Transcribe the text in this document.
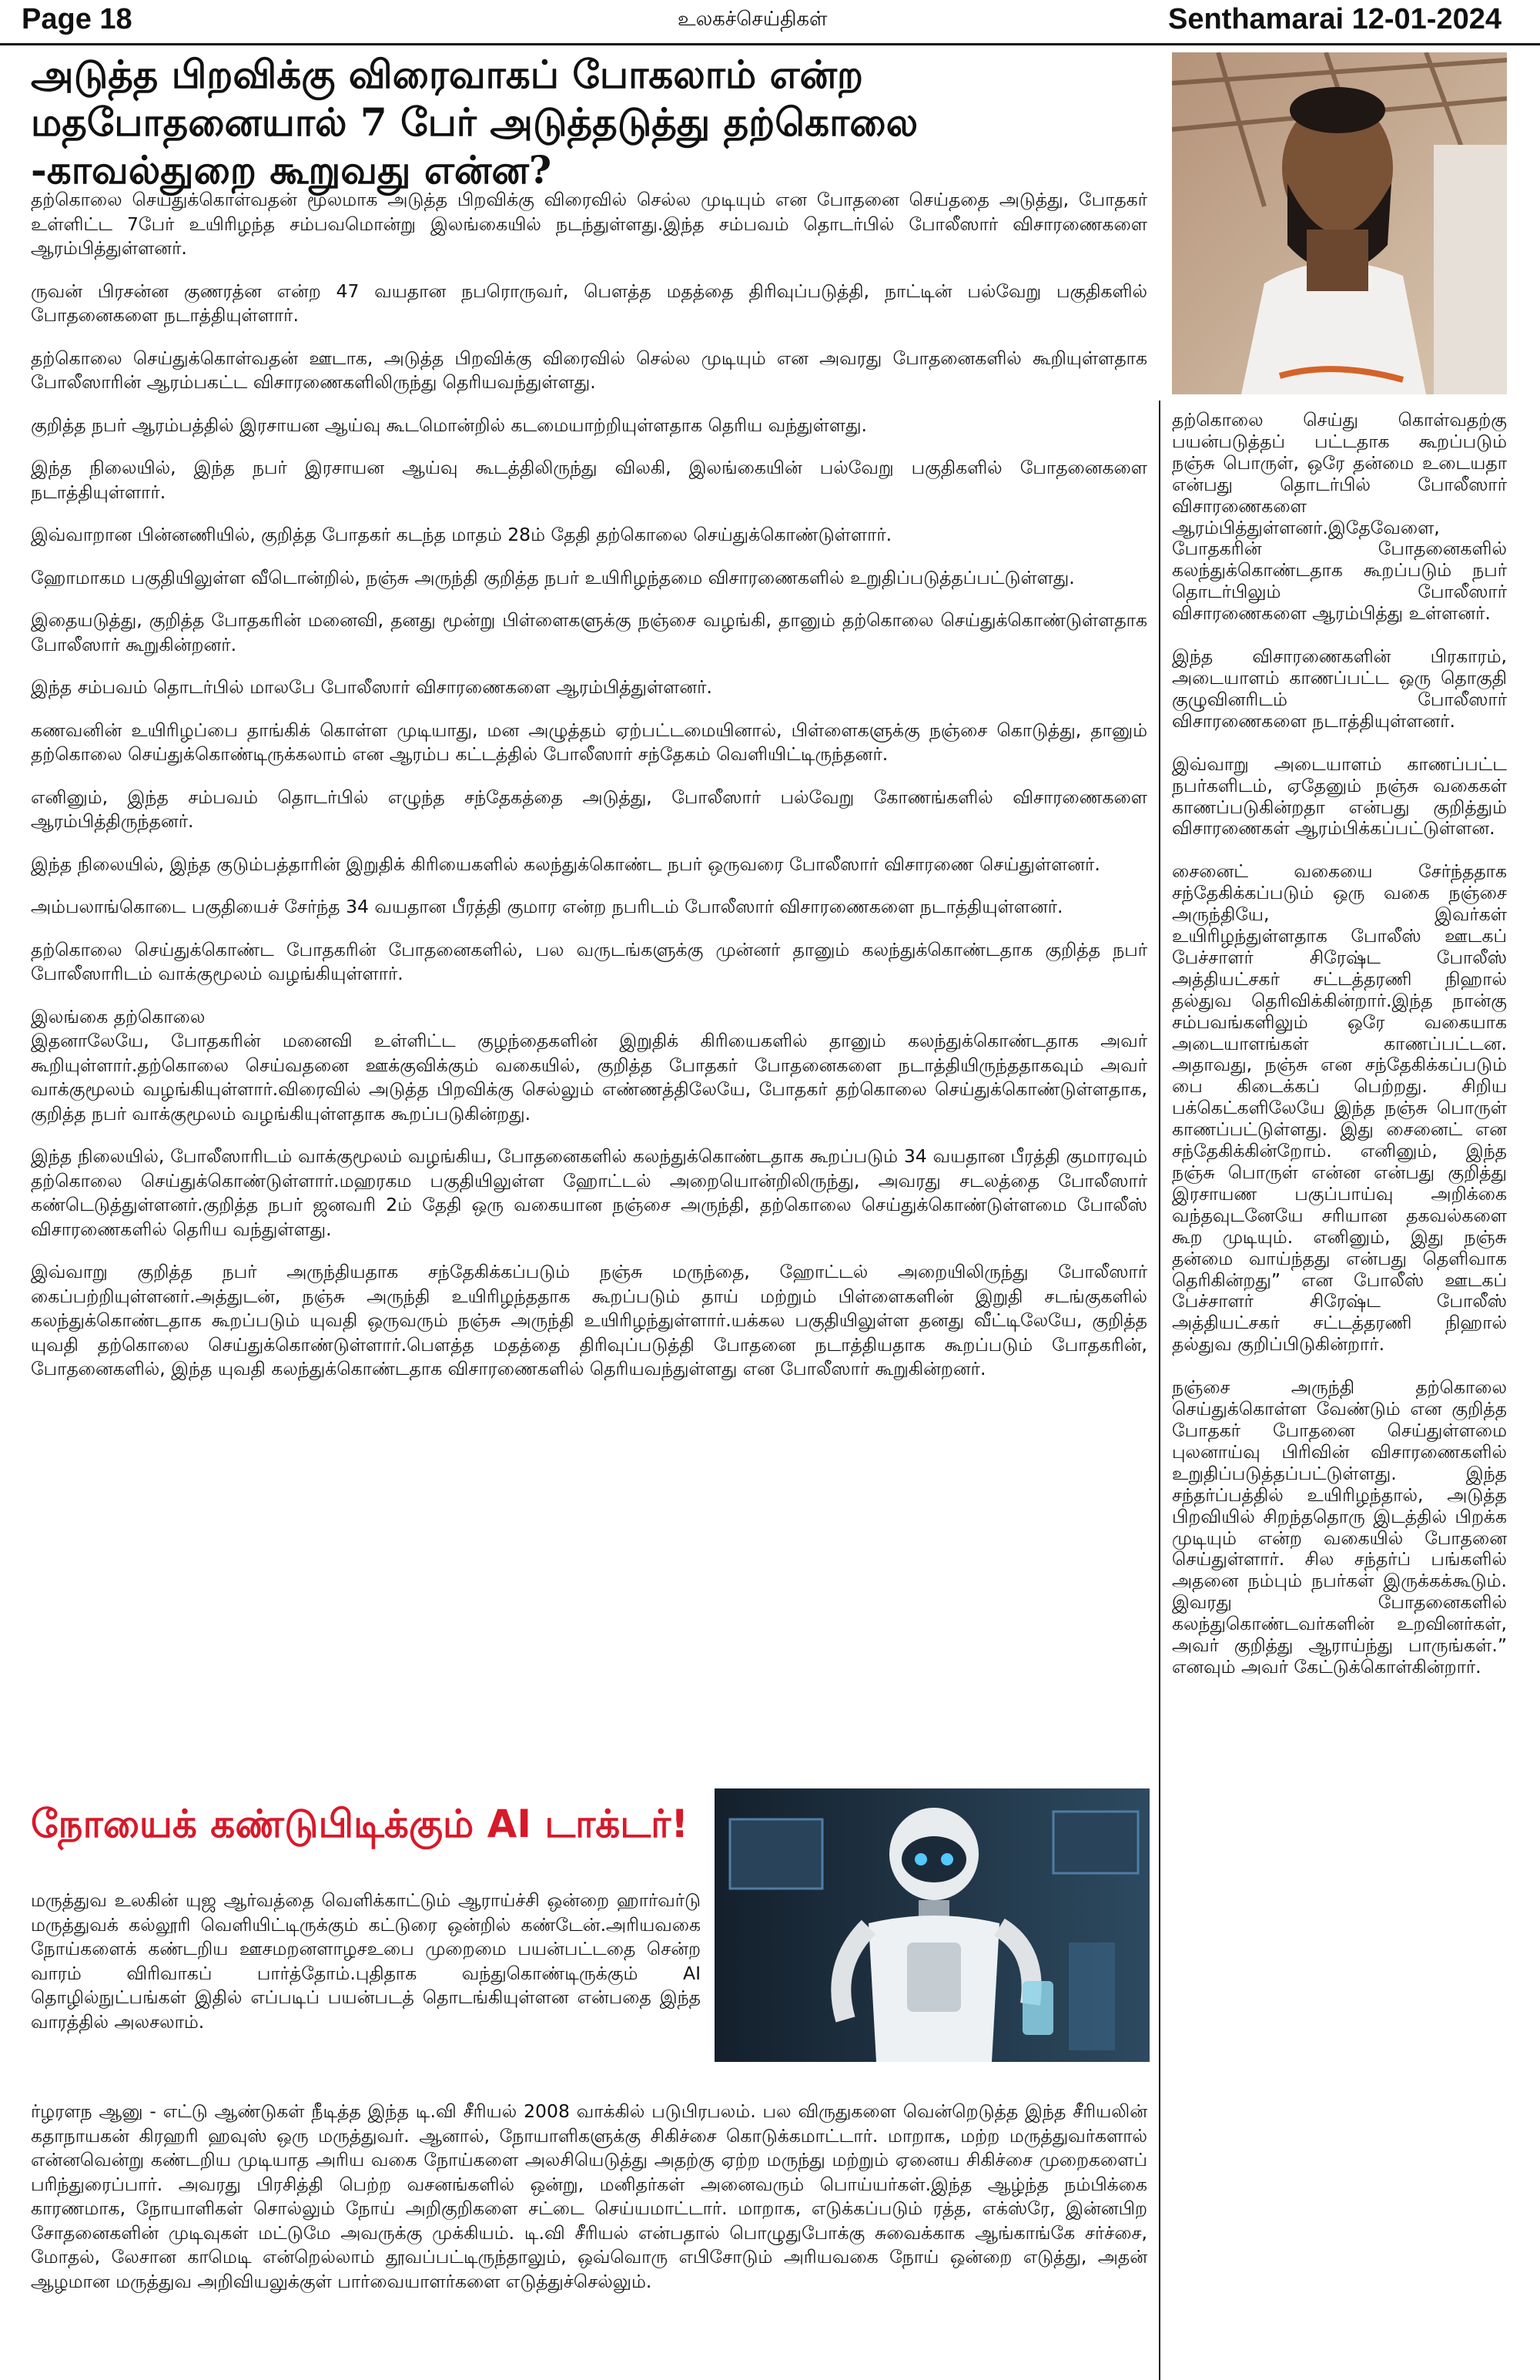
Page 18	உலகச்செய்திகள்	Senthamarai 12-01-2024
அடுத்த பிறவிக்கு விரைவாகப் போகலாம் என்ற மதபோதனையால் 7 பேர் அடுத்தடுத்து தற்கொலை -காவல்துறை கூறுவது என்ன?

தற்கொலை செய்துக்கொள்வதன் மூலமாக அடுத்த பிறவிக்கு விரைவில் செல்ல முடியும் என போதனை செய்ததை அடுத்து, போதகர் உள்ளிட்ட 7பேர் உயிரிழந்த சம்பவமொன்று இலங்கையில் நடந்துள்ளது.இந்த சம்பவம் தொடர்பில் போலீஸார் விசாரணைகளை ஆரம்பித்துள்ளனர்.

ருவன் பிரசன்ன குணரத்ன என்ற 47 வயதான நபரொருவர், பௌத்த மதத்தை திரிவுப்படுத்தி, நாட்டின் பல்வேறு பகுதிகளில் போதனைகளை நடாத்தியுள்ளார்.

தற்கொலை செய்துக்கொள்வதன் ஊடாக, அடுத்த பிறவிக்கு விரைவில் செல்ல முடியும் என அவரது போதனைகளில் கூறியுள்ளதாக போலீஸாரின் ஆரம்பகட்ட விசாரணைகளிலிருந்து தெரியவந்துள்ளது.

குறித்த நபர் ஆரம்பத்தில் இரசாயன ஆய்வு கூடமொன்றில் கடமையாற்றியுள்ளதாக தெரிய வந்துள்ளது.

இந்த நிலையில், இந்த நபர் இரசாயன ஆய்வு கூடத்திலிருந்து விலகி, இலங்கையின் பல்வேறு பகுதிகளில் போதனைகளை நடாத்தியுள்ளார்.

இவ்வாறான பின்னணியில், குறித்த போதகர் கடந்த மாதம் 28ம் தேதி தற்கொலை செய்துக்கொண்டுள்ளார்.

ஹோமாகம பகுதியிலுள்ள வீடொன்றில், நஞ்சு அருந்தி குறித்த நபர் உயிரிழந்தமை விசாரணைகளில் உறுதிப்படுத்தப்பட்டுள்ளது.

இதையடுத்து, குறித்த போதகரின் மனைவி, தனது மூன்று பிள்ளைகளுக்கு நஞ்சை வழங்கி, தானும் தற்கொலை செய்துக்கொண்டுள்ளதாக போலீஸார் கூறுகின்றனர்.

இந்த சம்பவம் தொடர்பில் மாலபே போலீஸார் விசாரணைகளை ஆரம்பித்துள்ளனர்.

கணவனின் உயிரிழப்பை தாங்கிக் கொள்ள முடியாது, மன அழுத்தம் ஏற்பட்டமையினால், பிள்ளைகளுக்கு நஞ்சை கொடுத்து, தானும் தற்கொலை செய்துக்கொண்டிருக்கலாம் என ஆரம்ப கட்டத்தில் போலீஸார் சந்தேகம் வெளியிட்டிருந்தனர்.

எனினும், இந்த சம்பவம் தொடர்பில் எழுந்த சந்தேகத்தை அடுத்து, போலீஸார் பல்வேறு கோணங்களில் விசாரணைகளை ஆரம்பித்திருந்தனர்.

இந்த நிலையில், இந்த குடும்பத்தாரின் இறுதிக் கிரியைகளில் கலந்துக்கொண்ட நபர் ஒருவரை போலீஸார் விசாரணை செய்துள்ளனர்.

அம்பலாங்கொடை பகுதியைச் சேர்ந்த 34 வயதான பீரத்தி குமார என்ற நபரிடம் போலீஸார் விசாரணைகளை நடாத்தியுள்ளனர்.

தற்கொலை செய்துக்கொண்ட போதகரின் போதனைகளில், பல வருடங்களுக்கு முன்னர் தானும் கலந்துக்கொண்டதாக குறித்த நபர் போலீஸாரிடம் வாக்குமூலம் வழங்கியுள்ளார்.

இலங்கை தற்கொலை

இதனாலேயே, போதகரின் மனைவி உள்ளிட்ட குழந்தைகளின் இறுதிக் கிரியைகளில் தானும் கலந்துக்கொண்டதாக அவர் கூறியுள்ளார்.தற்கொலை செய்வதனை ஊக்குவிக்கும் வகையில், குறித்த போதகர் போதனைகளை நடாத்தியிருந்ததாகவும் அவர் வாக்குமூலம் வழங்கியுள்ளார்.விரைவில் அடுத்த பிறவிக்கு செல்லும் எண்ணத்திலேயே, போதகர் தற்கொலை செய்துக்கொண்டுள்ளதாக, குறித்த நபர் வாக்குமூலம் வழங்கியுள்ளதாக கூறப்படுகின்றது.

இந்த நிலையில், போலீஸாரிடம் வாக்குமூலம் வழங்கிய, போதனைகளில் கலந்துக்கொண்டதாக கூறப்படும் 34 வயதான பீரத்தி குமாரவும் தற்கொலை செய்துக்கொண்டுள்ளார்.மஹரகம பகுதியிலுள்ள ஹோட்டல் அறையொன்றிலிருந்து, அவரது சடலத்தை போலீஸார் கண்டெடுத்துள்ளனர்.குறித்த நபர் ஜனவரி 2ம் தேதி ஒரு வகையான நஞ்சை அருந்தி, தற்கொலை செய்துக்கொண்டுள்ளமை போலீஸ் விசாரணைகளில் தெரிய வந்துள்ளது.

இவ்வாறு குறித்த நபர் அருந்தியதாக சந்தேகிக்கப்படும் நஞ்சு மருந்தை, ஹோட்டல் அறையிலிருந்து போலீஸார் கைப்பற்றியுள்ளனர்.அத்துடன், நஞ்சு அருந்தி உயிரிழந்ததாக கூறப்படும் தாய் மற்றும் பிள்ளைகளின் இறுதி சடங்குகளில் கலந்துக்கொண்டதாக கூறப்படும் யுவதி ஒருவரும் நஞ்சு அருந்தி உயிரிழந்துள்ளார்.யக்கல பகுதியிலுள்ள தனது வீட்டிலேயே, குறித்த யுவதி தற்கொலை செய்துக்கொண்டுள்ளார்.பௌத்த மதத்தை திரிவுப்படுத்தி போதனை நடாத்தியதாக கூறப்படும் போதகரின், போதனைகளில், இந்த யுவதி கலந்துக்கொண்டதாக விசாரணைகளில் தெரியவந்துள்ளது என போலீஸார் கூறுகின்றனர்.

தற்கொலை செய்து கொள்வதற்கு பயன்படுத்தப் பட்டதாக கூறப்படும் நஞ்சு பொருள், ஒரே தன்மை உடையதா என்பது தொடர்பில் போலீஸார் விசாரணைகளை ஆரம்பித்துள்ளனர்.இதேவேளை, போதகரின் போதனைகளில் கலந்துக்கொண்டதாக கூறப்படும் நபர் தொடர்பிலும் போலீஸார் விசாரணைகளை ஆரம்பித்து உள்ளனர்.

இந்த விசாரணைகளின் பிரகாரம், அடையாளம் காணப்பட்ட ஒரு தொகுதி குழுவினரிடம் போலீஸார் விசாரணைகளை நடாத்தியுள்ளனர்.

இவ்வாறு அடையாளம் காணப்பட்ட நபர்களிடம், ஏதேனும் நஞ்சு வகைகள் காணப்படுகின்றதா என்பது குறித்தும் விசாரணைகள் ஆரம்பிக்கப்பட்டுள்ளன.

சைனைட் வகையை சேர்ந்ததாக சந்தேகிக்கப்படும் ஒரு வகை நஞ்சை அருந்தியே, இவர்கள் உயிரிழந்துள்ளதாக போலீஸ் ஊடகப் பேச்சாளர் சிரேஷ்ட போலீஸ் அத்தியட்சகர் சட்டத்தரணி நிஹால் தல்துவ தெரிவிக்கின்றார்.இந்த நான்கு சம்பவங்களிலும் ஒரே வகையாக அடையாளங்கள் காணப்பட்டன. அதாவது, நஞ்சு என சந்தேகிக்கப்படும் பை கிடைக்கப் பெற்றது. சிறிய பக்கெட்களிலேயே இந்த நஞ்சு பொருள் காணப்பட்டுள்ளது. இது சைனைட் என சந்தேகிக்கின்றோம். எனினும், இந்த நஞ்சு பொருள் என்ன என்பது குறித்து இரசாயண பகுப்பாய்வு அறிக்கை வந்தவுடனேயே சரியான தகவல்களை கூற முடியும். எனினும், இது நஞ்சு தன்மை வாய்ந்தது என்பது தெளிவாக தெரிகின்றது” என போலீஸ் ஊடகப் பேச்சாளர் சிரேஷ்ட போலீஸ் அத்தியட்சகர் சட்டத்தரணி நிஹால் தல்துவ குறிப்பிடுகின்றார்.

நஞ்சை அருந்தி தற்கொலை செய்துக்கொள்ள வேண்டும் என குறித்த போதகர் போதனை செய்துள்ளமை புலனாய்வு பிரிவின் விசாரணைகளில் உறுதிப்படுத்தப்பட்டுள்ளது. இந்த சந்தர்ப்பத்தில் உயிரிழந்தால், அடுத்த பிறவியில் சிறந்ததொரு இடத்தில் பிறக்க முடியும் என்ற வகையில் போதனை செய்துள்ளார். சில சந்தர்ப் பங்களில் அதனை நம்பும் நபர்கள் இருக்கக்கூடும். இவரது போதனைகளில் கலந்துகொண்டவர்களின் உறவினர்கள், அவர் குறித்து ஆராய்ந்து பாருங்கள்.” எனவும் அவர் கேட்டுக்கொள்கின்றார்.

நோயைக் கண்டுபிடிக்கும் AI டாக்டர்!

மருத்துவ உலகின் யுஜ ஆர்வத்தை வெளிக்காட்டும் ஆராய்ச்சி ஒன்றை ஹார்வர்டு மருத்துவக் கல்லூரி வெளியிட்டிருக்கும் கட்டுரை ஒன்றில் கண்டேன்.அரியவகை நோய்களைக் கண்டறிய ஊசமறனளாழசஉபை முறைமை பயன்பட்டதை சென்ற வாரம் விரிவாகப் பார்த்தோம்.புதிதாக வந்துகொண்டிருக்கும் AI தொழில்நுட்பங்கள் இதில் எப்படிப் பயன்படத் தொடங்கியுள்ளன என்பதை இந்த வாரத்தில் அலசலாம்.

ர்ழரளந ஆனு - எட்டு ஆண்டுகள் நீடித்த இந்த டி.வி சீரியல் 2008 வாக்கில் படுபிரபலம். பல விருதுகளை வென்றெடுத்த இந்த சீரியலின் கதாநாயகன் கிரஹரி ஹவுஸ் ஒரு மருத்துவர். ஆனால், நோயாளிகளுக்கு சிகிச்சை கொடுக்கமாட்டார். மாறாக, மற்ற மருத்துவர்களால் என்னவென்று கண்டறிய முடியாத அரிய வகை நோய்களை அலசியெடுத்து அதற்கு ஏற்ற மருந்து மற்றும் ஏனைய சிகிச்சை முறைகளைப் பரிந்துரைப்பார். அவரது பிரசித்தி பெற்ற வசனங்களில் ஒன்று, மனிதர்கள் அனைவரும் பொய்யர்கள்.இந்த ஆழ்ந்த நம்பிக்கை காரணமாக, நோயாளிகள் சொல்லும் நோய் அறிகுறிகளை சட்டை செய்யமாட்டார். மாறாக, எடுக்கப்படும் ரத்த, எக்ஸ்ரே, இன்னபிற சோதனைகளின் முடிவுகள் மட்டுமே அவருக்கு முக்கியம். டி.வி சீரியல் என்பதால் பொழுதுபோக்கு சுவைக்காக ஆங்காங்கே சர்ச்சை, மோதல், லேசான காமெடி என்றெல்லாம் தூவப்பட்டிருந்தாலும், ஒவ்வொரு எபிசோடும் அரியவகை நோய் ஒன்றை எடுத்து, அதன் ஆழமான மருத்துவ அறிவியலுக்குள் பார்வையாளர்களை எடுத்துச்செல்லும்.
